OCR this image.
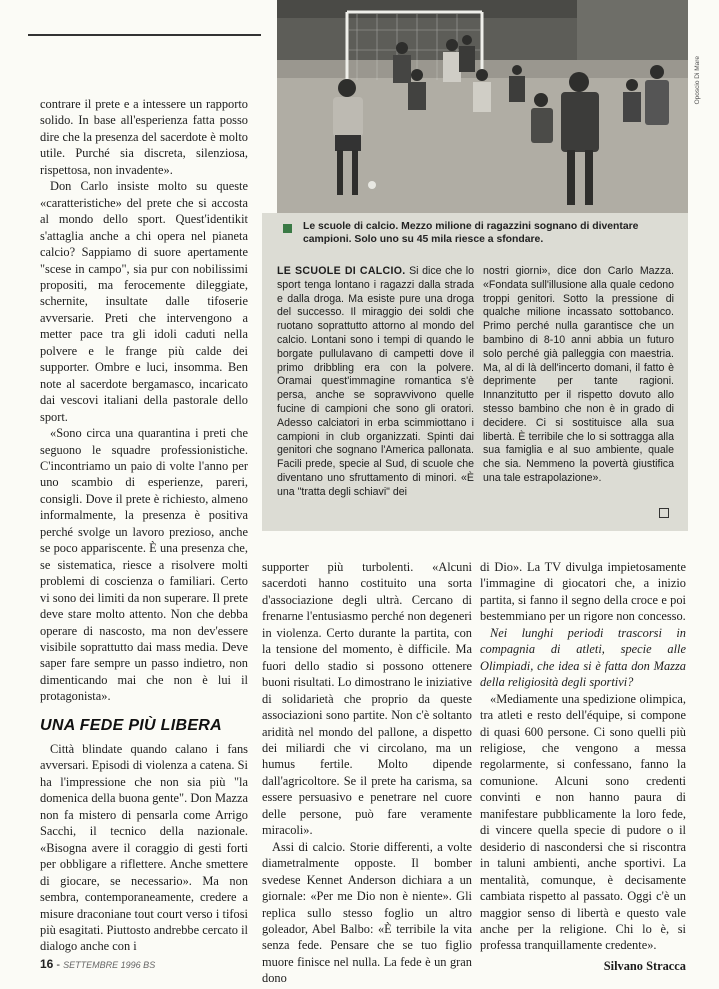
Oposcio Di Mare
Le scuole di calcio. Mezzo milione di ragazzini sognano di diventare campioni. Solo uno su 45 mila riesce a sfondare.

LE SCUOLE DI CALCIO. Si dice che lo sport tenga lontano i ragazzi dalla strada e dalla droga. Ma esiste pure una droga del successo. Il miraggio dei soldi che ruotano soprattutto attorno al mondo del calcio. Lontani sono i tempi di quando le borgate pullulavano di campetti dove il primo dribbling era con la polvere. Oramai quest'immagine romantica s'è persa, anche se sopravvivono quelle fucine di campioni che sono gli oratori. Adesso calciatori in erba scimmiottano i campioni in club organizzati. Spinti dai genitori che sognano l'America pallonata. Facili prede, specie al Sud, di scuole che diventano uno sfruttamento di minori. «È una "tratta degli schiavi" dei

nostri giorni», dice don Carlo Mazza. «Fondata sull'illusione alla quale cedono troppi genitori. Sotto la pressione di qualche milione incassato sottobanco. Primo perché nulla garantisce che un bambino di 8-10 anni abbia un futuro solo perché già palleggia con maestria. Ma, al di là dell'incerto domani, il fatto è deprimente per tante ragioni. Innanzitutto per il rispetto dovuto allo stesso bambino che non è in grado di decidere. Ci si sostituisce alla sua libertà. È terribile che lo si sottragga alla sua famiglia e al suo ambiente, quale che sia. Nemmeno la povertà giustifica una tale estrapolazione».

contrare il prete e a intessere un rapporto solido. In base all'esperienza fatta posso dire che la presenza del sacerdote è molto utile. Purché sia discreta, silenziosa, rispettosa, non invadente».

Don Carlo insiste molto su queste «caratteristiche» del prete che si accosta al mondo dello sport. Quest'identikit s'attaglia anche a chi opera nel pianeta calcio? Sappiamo di suore apertamente "scese in campo", sia pur con nobilissimi propositi, ma ferocemente dileggiate, schernite, insultate dalle tifoserie avversarie. Preti che intervengono a metter pace tra gli idoli caduti nella polvere e le frange più calde dei supporter. Ombre e luci, insomma. Ben note al sacerdote bergamasco, incaricato dai vescovi italiani della pastorale dello sport.

«Sono circa una quarantina i preti che seguono le squadre professionistiche. C'incontriamo un paio di volte l'anno per uno scambio di esperienze, pareri, consigli. Dove il prete è richiesto, almeno informalmente, la presenza è positiva perché svolge un lavoro prezioso, anche se poco appariscente. È una presenza che, se sistematica, riesce a risolvere molti problemi di coscienza o familiari. Certo vi sono dei limiti da non superare. Il prete deve stare molto attento. Non che debba operare di nascosto, ma non dev'essere visibile soprattutto dai mass media. Deve saper fare sempre un passo indietro, non dimenticando mai che non è lui il protagonista».

UNA FEDE PIÙ LIBERA

Città blindate quando calano i fans avversari. Episodi di violenza a catena. Si ha l'impressione che non sia più "la domenica della buona gente". Don Mazza non fa mistero di pensarla come Arrigo Sacchi, il tecnico della nazionale. «Bisogna avere il coraggio di gesti forti per obbligare a riflettere. Anche smettere di giocare, se necessario». Ma non sembra, contemporaneamente, credere a misure draconiane tout court verso i tifosi più esagitati. Piuttosto andrebbe cercato il dialogo anche con i

supporter più turbolenti. «Alcuni sacerdoti hanno costituito una sorta d'associazione degli ultrà. Cercano di frenarne l'entusiasmo perché non degeneri in violenza. Certo durante la partita, con la tensione del momento, è difficile. Ma fuori dello stadio si possono ottenere buoni risultati. Lo dimostrano le iniziative di solidarietà che proprio da queste associazioni sono partite. Non c'è soltanto aridità nel mondo del pallone, a dispetto dei miliardi che vi circolano, ma un humus fertile. Molto dipende dall'agricoltore. Se il prete ha carisma, sa essere persuasivo e penetrare nel cuore delle persone, può fare veramente miracoli».

Assi di calcio. Storie differenti, a volte diametralmente opposte. Il bomber svedese Kennet Anderson dichiara a un giornale: «Per me Dio non è niente». Gli replica sullo stesso foglio un altro goleador, Abel Balbo: «È terribile la vita senza fede. Pensare che se tuo figlio muore finisce nel nulla. La fede è un gran dono

di Dio». La TV divulga impietosamente l'immagine di giocatori che, a inizio partita, si fanno il segno della croce e poi bestemmiano per un rigore non concesso.

Nei lunghi periodi trascorsi in compagnia di atleti, specie alle Olimpiadi, che idea si è fatta don Mazza della religiosità degli sportivi?

«Mediamente una spedizione olimpica, tra atleti e resto dell'équipe, si compone di quasi 600 persone. Ci sono quelli più religiose, che vengono a messa regolarmente, si confessano, fanno la comunione. Alcuni sono credenti convinti e non hanno paura di manifestare pubblicamente la loro fede, di vincere quella specie di pudore o il desiderio di nascondersi che si riscontra in taluni ambienti, anche sportivi. La mentalità, comunque, è decisamente cambiata rispetto al passato. Oggi c'è un maggior senso di libertà e questo vale anche per la religione. Chi lo è, si professa tranquillamente credente».

Silvano Stracca

16 - SETTEMBRE 1996 BS
